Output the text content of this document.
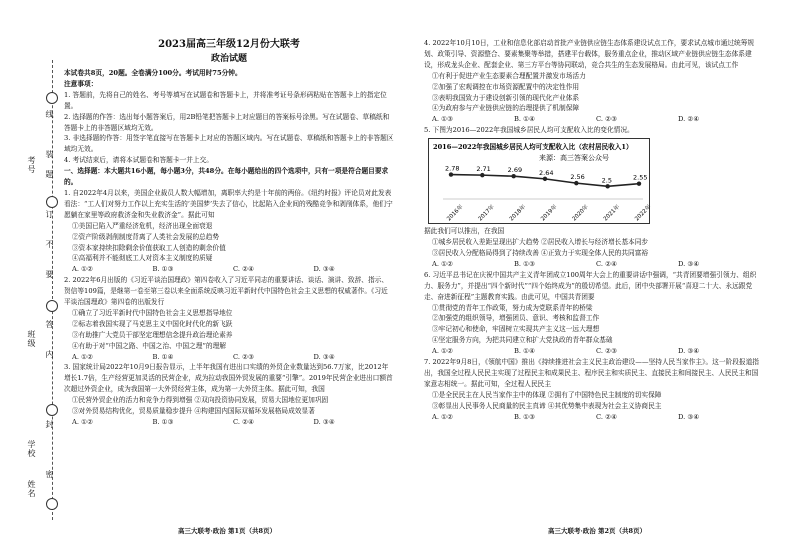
考号
姓名
班级
学校
线
订
装
不
要
答
题
内
封
密
2023届高三年级12月份大联考
政治试题

本试卷共8页，20题。全卷满分100分。考试用时75分钟。

注意事项：

1. 答题前，先将自己的姓名、考号等填写在试题卷和答题卡上，并将准考证号条形码粘贴在答题卡上的指定位置。

2. 选择题的作答：选出每小题答案后，用2B铅笔把答题卡上对应题目的答案标号涂黑。写在试题卷、草稿纸和答题卡上的非答题区域均无效。

3. 非选择题的作答：用签字笔直接写在答题卡上对应的答题区域内。写在试题卷、草稿纸和答题卡上的非答题区域均无效。

4. 考试结束后，请将本试题卷和答题卡一并上交。

一、选择题：本大题共16小题，每小题3分，共48分。在每小题给出的四个选项中，只有一项是符合题目要求的。

1. 自2022年4月以来，美国企业裁员人数大幅增加，离职率大约是十年前的两倍。《纽约时报》评论员对此发表看法：“工人们对努力工作以上充实生活的‘美国梦’失去了信心，比起陷入企业间的残酷竞争和剥削体系，他们宁愿躺在家里等政府救济金和失业救济金”。据此可知

①美国已陷入严重经济危机，经济出现全面衰退

②资产阶级剥削制度背离了人类社会发展的总趋势

③资本家持续扣除剩余价值获取工人创造的剩余价值

④高福利并不能彻底工人对资本主义制度的质疑

A. ①②	B. ①③	C. ②④	D. ③④

2. 2022年6月出版的《习近平谈治国理政》第四卷收入了习近平同志的重要讲话、谈话、演讲、致辞、指示、贺信等109篇，是继第一卷至第三卷以来全面系统反映习近平新时代中国特色社会主义思想的权威著作。《习近平谈治国理政》第四卷的出版发行

①确立了习近平新时代中国特色社会主义思想指导地位

②标志着我国实现了马克思主义中国化时代化的新飞跃

③有助推广大党员干部坚定理想信念提升政治理论素养

④有助于对“中国之路、中国之治、中国之理”的理解

A. ①②	B. ①④	C. ②③	D. ③④

3. 国家统计局2022年10月9日报告显示，上半年我国有进出口实绩的外贸企业数量达到56.7万家，比2012年增长1.7倍，生产经营更加灵活的民营企业，成为拉动我国外贸发展的重要“引擎”。2019年民营企业进出口额首次超过外资企业，成为我国第一大外贸经营主体，成为第一大外贸主体。据此可知，我国

①民营外贸企业的活力和竞争力得到增强 ②双向投资协同发展，贸易大国地位更加巩固

③对外贸易结构优化，贸易质量稳步提升 ④构建国内国际双循环发展格局成效显著

A. ①②	B. ①③	C. ②④	D. ③④

4. 2022年10月10日，工业和信息化部启动首批产业链供应链生态体系建设试点工作，要求试点城市通过统筹规划、政策引导、资源整合、要素集聚等举措，搭建平台载体，服务重点企业，推动区域产业链供应链生态体系建设，形成龙头企业、配套企业、第三方平台等协同联动，竞合共生的生态发展格局。由此可见，该试点工作

①有利于促进产业生态要素合理配置并激发市场活力

②加强了宏观调控在市场资源配置中的决定性作用

③表明我国致力于建设创新引领的现代化产业体系

④为政府参与产业链供应链的治理提供了机制保障

A. ①③	B. ①④	C. ②③	D. ②④

5. 下图为2016—2022年我国城乡居民人均可支配收入比的变化情况。

2016—2022年我国城乡居民人均可支配收入比（农村居民收入1）
来源：高三答案公众号
2.78
2016年
2.71
2017年
2.69
2018年
2.64
2019年
2.56
2020年
2.5
2021年
2.55
2022年

据此我们可以推出，在我国

①城乡居民收入差距呈现出扩大趋势 ②居民收入增长与经济增长基本同步

③居民收入分配格局得到了持续改善 ④正致力于实现全体人民的共同富裕

A. ①②	B. ①③	C. ②④	D. ③④

6. 习近平总书记在庆祝中国共产主义青年团成立100周年大会上的重要讲话中强调，“共青团要增强引领力、组织力、服务力”，并提出“四个新时代”“四个始终成为”的殷切希望。此后，团中央部署开展“喜迎二十大、永远跟党走、奋进新征程”主题教育实践。由此可见，中国共青团要

①贯彻党的青年工作政策，努力成为党联系青年的桥梁

②加强党的组织领导，增强团员、意识、考核和监督工作

③牢记初心和使命，牢固树立实现共产主义这一远大理想

④坚定服务方向，为把共同建立和扩大党执政的青年群众基础

A. ①②	B. ①④	C. ②③	D. ③④

7. 2022年9月8日，《领航中国》推出《持续推进社会主义民主政治建设——坚持人民当家作主》。这一阶段报道指出，我国全过程人民民主实现了过程民主和成果民主、程序民主和实质民主、直接民主和间接民主、人民民主和国家意志相统一。据此可知，全过程人民民主

①是全民民主在人民当家作主中的体现 ②拥有了中国特色民主制度的切实保障

③彰显出人民事务人民商量的民主真谛 ④其优势集中表现为社会主义协商民主

A. ①②	B. ①③	C. ②④	D. ③④
高三大联考·政治 第1页（共8页）	高三大联考·政治 第2页（共8页）
